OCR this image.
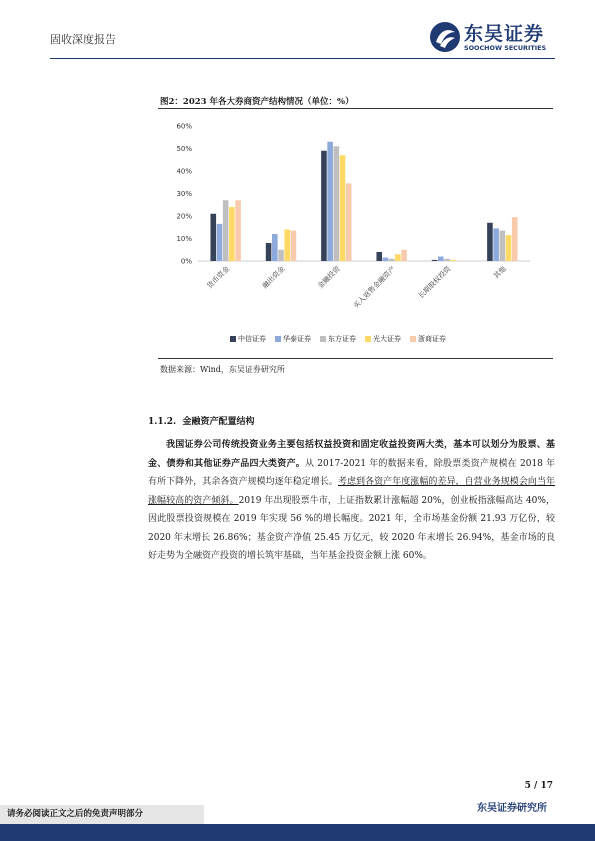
固收深度报告	东吴证券
SOOCHOW SECURITIES
图2：2023 年各大券商资产结构情况（单位：%）
0%
10%
20%
30%
40%
50%
60%
货币资金	融出资金	金融投资 买入返售金融资产	长期股权投资	其他
中信证券 华泰证券 东方证券 光大证券 浙商证券
数据来源：Wind，东吴证券研究所
1.1.2. 金融资产配置结构
我国证券公司传统投资业务主要包括权益投资和固定收益投资两大类，基本可以划分为股票、基金、债券和其他证券产品四大类资产。从 2017-2021 年的数据来看，除股票类资产规模在 2018 年有所下降外，其余各资产规模均逐年稳定增长。考虑到各资产年度涨幅的差异，自营业务规模会向当年涨幅较高的资产倾斜。2019 年出现股票牛市，上证指数累计涨幅超 20%，创业板指涨幅高达 40%，因此股票投资规模在 2019 年实现 56 %的增长幅度。2021 年，全市场基金份额 21.93 万亿份，较 2020 年末增长 26.86%；基金资产净值 25.45 万亿元，较 2020 年末增长 26.94%，基金市场的良好走势为全融资产投资的增长筑牢基础，当年基金投资金额上涨 60%。
5 / 17
东吴证券研究所
请务必阅读正文之后的免责声明部分
